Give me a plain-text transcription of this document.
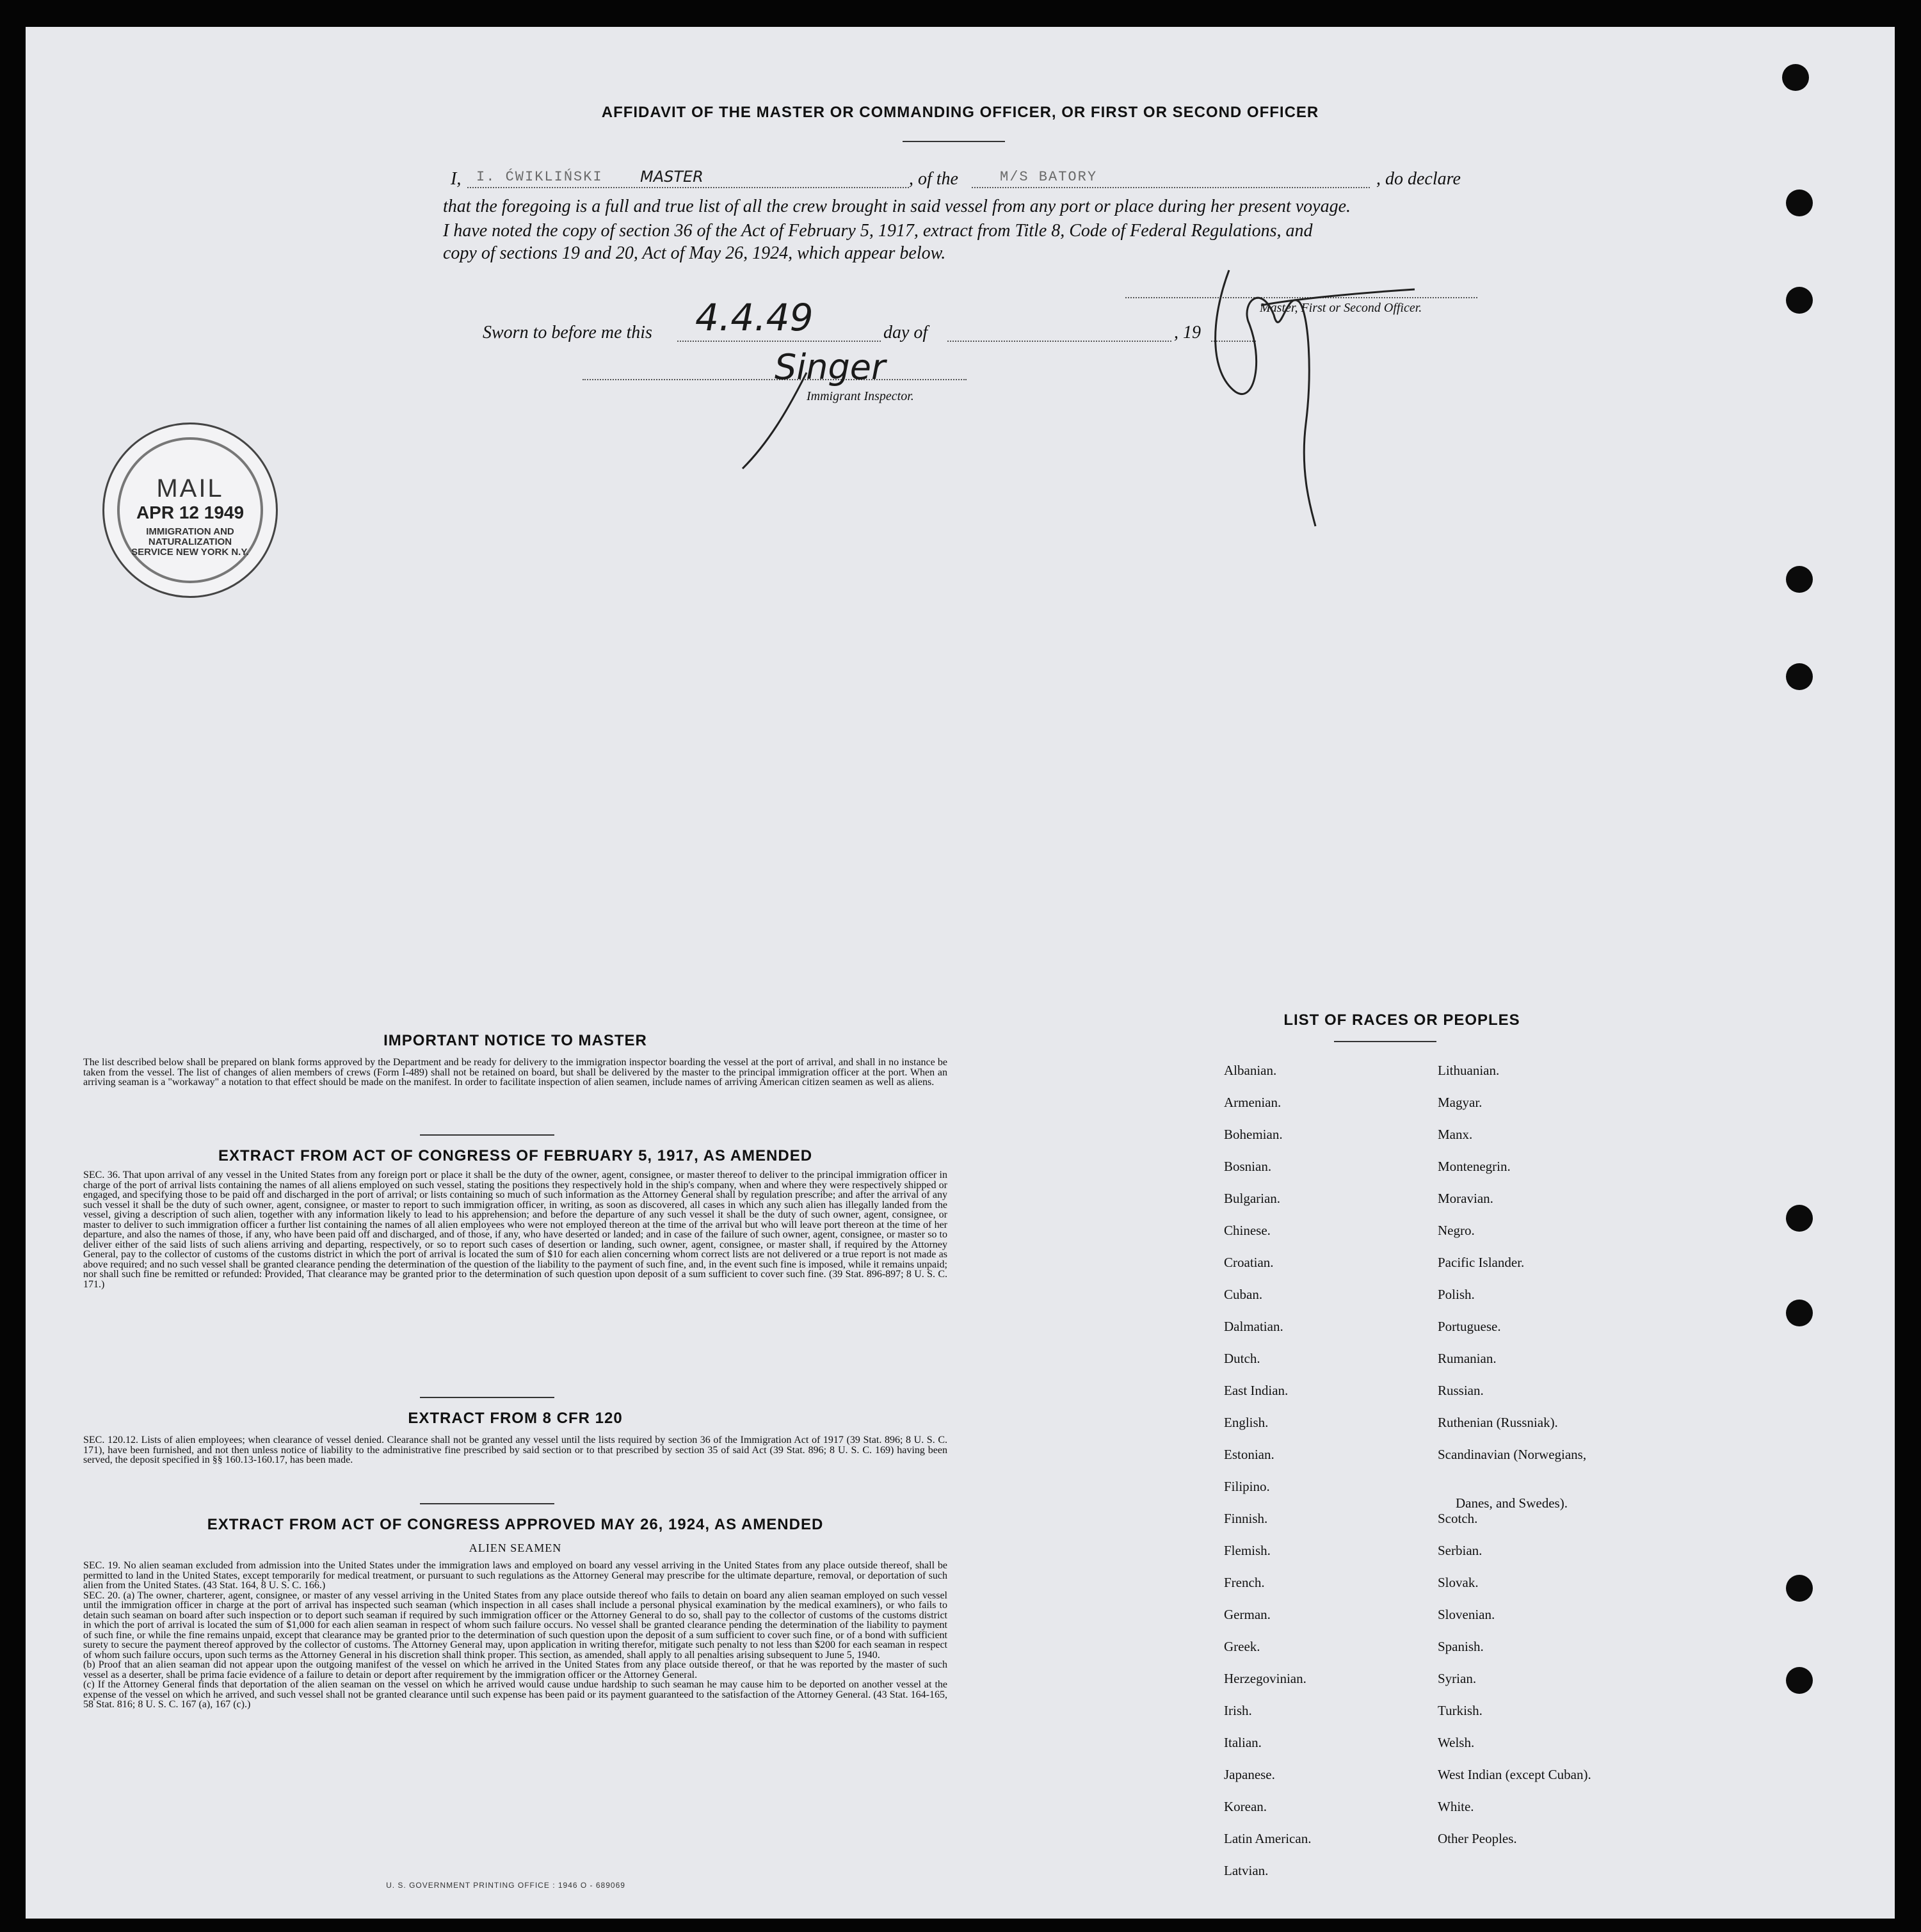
AFFIDAVIT OF THE MASTER OR COMMANDING OFFICER, OR FIRST OR SECOND OFFICER
I, I. ĆWIKLIŃSKI MASTER	, of the	M/S BATORY	, do declare
that the foregoing is a full and true list of all the crew brought in said vessel from any port or place during her present voyage.
I have noted the copy of section 36 of the Act of February 5, 1917, extract from Title 8, Code of Federal Regulations, and
copy of sections 19 and 20, Act of May 26, 1924, which appear below.
Master, First or Second Officer.
Sworn to before me this 4.4.49	day of	, 19
Singer
Immigrant Inspector.
MAIL
APR 12 1949
IMMIGRATION AND NATURALIZATION SERVICE NEW YORK N.Y.
IMPORTANT NOTICE TO MASTER
The list described below shall be prepared on blank forms approved by the Department and be ready for delivery to the immigration inspector boarding the vessel at the port of arrival, and shall in no instance be taken from the vessel. The list of changes of alien members of crews (Form I-489) shall not be retained on board, but shall be delivered by the master to the principal immigration officer at the port. When an arriving seaman is a "workaway" a notation to that effect should be made on the manifest. In order to facilitate inspection of alien seamen, include names of arriving American citizen seamen as well as aliens.
EXTRACT FROM ACT OF CONGRESS OF FEBRUARY 5, 1917, AS AMENDED
SEC. 36. That upon arrival of any vessel in the United States from any foreign port or place it shall be the duty of the owner, agent, consignee, or master thereof to deliver to the principal immigration officer in charge of the port of arrival lists containing the names of all aliens employed on such vessel, stating the positions they respectively hold in the ship's company, when and where they were respectively shipped or engaged, and specifying those to be paid off and discharged in the port of arrival; or lists containing so much of such information as the Attorney General shall by regulation prescribe; and after the arrival of any such vessel it shall be the duty of such owner, agent, consignee, or master to report to such immigration officer, in writing, as soon as discovered, all cases in which any such alien has illegally landed from the vessel, giving a description of such alien, together with any information likely to lead to his apprehension; and before the departure of any such vessel it shall be the duty of such owner, agent, consignee, or master to deliver to such immigration officer a further list containing the names of all alien employees who were not employed thereon at the time of the arrival but who will leave port thereon at the time of her departure, and also the names of those, if any, who have been paid off and discharged, and of those, if any, who have deserted or landed; and in case of the failure of such owner, agent, consignee, or master so to deliver either of the said lists of such aliens arriving and departing, respectively, or so to report such cases of desertion or landing, such owner, agent, consignee, or master shall, if required by the Attorney General, pay to the collector of customs of the customs district in which the port of arrival is located the sum of $10 for each alien concerning whom correct lists are not delivered or a true report is not made as above required; and no such vessel shall be granted clearance pending the determination of the question of the liability to the payment of such fine, and, in the event such fine is imposed, while it remains unpaid; nor shall such fine be remitted or refunded: Provided, That clearance may be granted prior to the determination of such question upon deposit of a sum sufficient to cover such fine. (39 Stat. 896-897; 8 U. S. C. 171.)
EXTRACT FROM 8 CFR 120
SEC. 120.12. Lists of alien employees; when clearance of vessel denied. Clearance shall not be granted any vessel until the lists required by section 36 of the Immigration Act of 1917 (39 Stat. 896; 8 U. S. C. 171), have been furnished, and not then unless notice of liability to the administrative fine prescribed by said section or to that prescribed by section 35 of said Act (39 Stat. 896; 8 U. S. C. 169) having been served, the deposit specified in §§ 160.13-160.17, has been made.
EXTRACT FROM ACT OF CONGRESS APPROVED MAY 26, 1924, AS AMENDED
ALIEN SEAMEN
SEC. 19. No alien seaman excluded from admission into the United States under the immigration laws and employed on board any vessel arriving in the United States from any place outside thereof, shall be permitted to land in the United States, except temporarily for medical treatment, or pursuant to such regulations as the Attorney General may prescribe for the ultimate departure, removal, or deportation of such alien from the United States. (43 Stat. 164, 8 U. S. C. 166.)
SEC. 20. (a) The owner, charterer, agent, consignee, or master of any vessel arriving in the United States from any place outside thereof who fails to detain on board any alien seaman employed on such vessel until the immigration officer in charge at the port of arrival has inspected such seaman (which inspection in all cases shall include a personal physical examination by the medical examiners), or who fails to detain such seaman on board after such inspection or to deport such seaman if required by such immigration officer or the Attorney General to do so, shall pay to the collector of customs of the customs district in which the port of arrival is located the sum of $1,000 for each alien seaman in respect of whom such failure occurs. No vessel shall be granted clearance pending the determination of the liability to payment of such fine, or while the fine remains unpaid, except that clearance may be granted prior to the determination of such question upon the deposit of a sum sufficient to cover such fine, or of a bond with sufficient surety to secure the payment thereof approved by the collector of customs. The Attorney General may, upon application in writing therefor, mitigate such penalty to not less than $200 for each seaman in respect of whom such failure occurs, upon such terms as the Attorney General in his discretion shall think proper. This section, as amended, shall apply to all penalties arising subsequent to June 5, 1940.
(b) Proof that an alien seaman did not appear upon the outgoing manifest of the vessel on which he arrived in the United States from any place outside thereof, or that he was reported by the master of such vessel as a deserter, shall be prima facie evidence of a failure to detain or deport after requirement by the immigration officer or the Attorney General.
(c) If the Attorney General finds that deportation of the alien seaman on the vessel on which he arrived would cause undue hardship to such seaman he may cause him to be deported on another vessel at the expense of the vessel on which he arrived, and such vessel shall not be granted clearance until such expense has been paid or its payment guaranteed to the satisfaction of the Attorney General. (43 Stat. 164-165, 58 Stat. 816; 8 U. S. C. 167 (a), 167 (c).)
U. S. GOVERNMENT PRINTING OFFICE : 1946 O - 689069
LIST OF RACES OR PEOPLES
Albanian.
Armenian.
Bohemian.
Bosnian.
Bulgarian.
Chinese.
Croatian.
Cuban.
Dalmatian.
Dutch.
East Indian.
English.
Estonian.
Filipino.
Finnish.
Flemish.
French.
German.
Greek.
Herzegovinian.
Irish.
Italian.
Japanese.
Korean.
Latin American.
Latvian.
Lithuanian.
Magyar.
Manx.
Montenegrin.
Moravian.
Negro.
Pacific Islander.
Polish.
Portuguese.
Rumanian.
Russian.
Ruthenian (Russniak).
Scandinavian (Norwegians,
Danes, and Swedes).
Scotch.
Serbian.
Slovak.
Slovenian.
Spanish.
Syrian.
Turkish.
Welsh.
West Indian (except Cuban).
White.
Other Peoples.
